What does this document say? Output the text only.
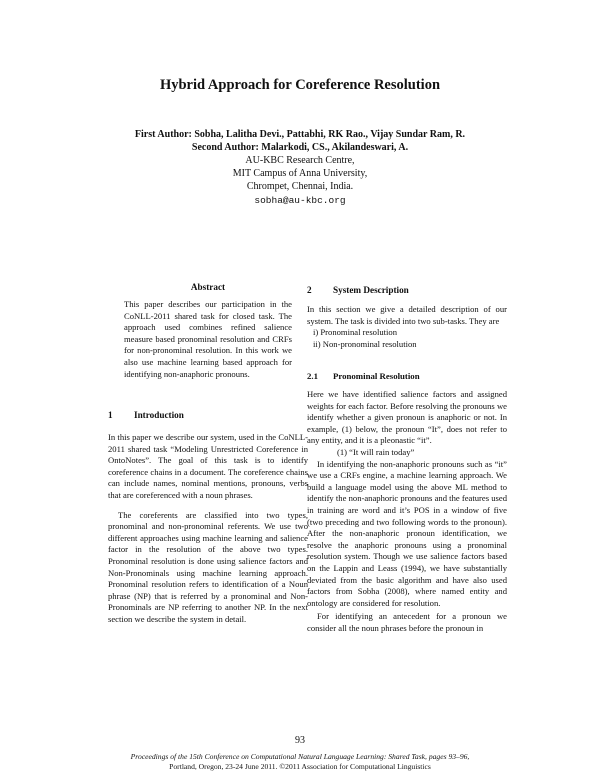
Hybrid Approach for Coreference Resolution
First Author: Sobha, Lalitha Devi., Pattabhi, RK Rao., Vijay Sundar Ram, R.
Second Author: Malarkodi, CS., Akilandeswari, A.
AU-KBC Research Centre,
MIT Campus of Anna University,
Chrompet, Chennai, India.
sobha@au-kbc.org
Abstract

This paper describes our participation in the CoNLL-2011 shared task for closed task. The approach used combines refined salience measure based pronominal resolution and CRFs for non-pronominal resolution. In this work we also use machine learning based approach for identifying non-anaphoric pronouns.

1 Introduction

In this paper we describe our system, used in the CoNLL-2011 shared task “Modeling Unrestricted Coreference in OntoNotes”. The goal of this task is to identify coreference chains in a document. The coreference chains can include names, nominal mentions, pronouns, verbs that are coreferenced with a noun phrases.

The coreferents are classified into two types, pronominal and non-pronominal referents. We use two different approaches using machine learning and salience factor in the resolution of the above two types. Pronominal resolution is done using salience factors and Non-Pronominals using machine learning approach. Pronominal resolution refers to identification of a Noun phrase (NP) that is referred by a pronominal and Non-Pronominals are NP referring to another NP. In the next section we describe the system in detail.

2 System Description

In this section we give a detailed description of our system. The task is divided into two sub-tasks. They are

i) Pronominal resolution
ii) Non-pronominal resolution
2.1 Pronominal Resolution

Here we have identified salience factors and assigned weights for each factor. Before resolving the pronouns we identify whether a given pronoun is anaphoric or not. In example, (1) below, the pronoun “It”, does not refer to any entity, and it is a pleonastic “it”.

(1) “It will rain today”

In identifying the non-anaphoric pronouns such as “it” we use a CRFs engine, a machine learning approach. We build a language model using the above ML method to identify the non-anaphoric pronouns and the features used in training are word and it’s POS in a window of five (two preceding and two following words to the pronoun). After the non-anaphoric pronoun identification, we resolve the anaphoric pronouns using a pronominal resolution system. Though we use salience factors based on the Lappin and Leass (1994), we have substantially deviated from the basic algorithm and have also used factors from Sobha (2008), where named entity and ontology are considered for resolution.

For identifying an antecedent for a pronoun we consider all the noun phrases before the pronoun in

93
Proceedings of the 15th Conference on Computational Natural Language Learning: Shared Task, pages 93–96,
Portland, Oregon, 23-24 June 2011. ©2011 Association for Computational Linguistics
